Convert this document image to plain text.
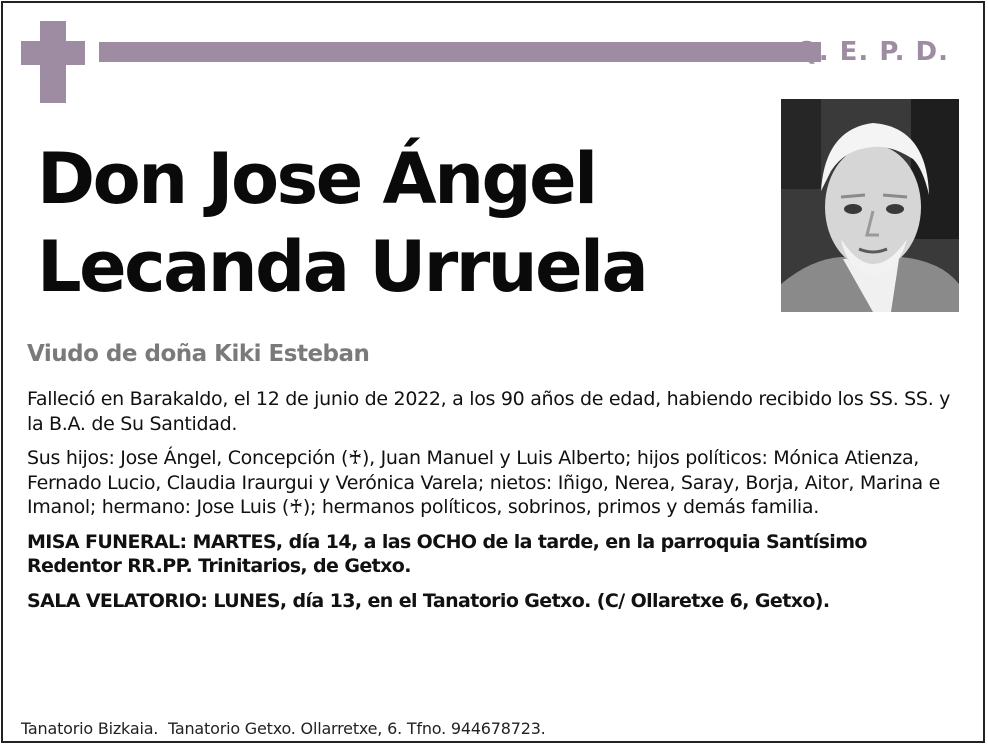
Q. E. P. D.
Don Jose Ángel
Lecanda Urruela
Viudo de doña Kiki Esteban

Falleció en Barakaldo, el 12 de junio de 2022, a los 90 años de edad, habiendo recibido los SS. SS. y la B.A. de Su Santidad.

Sus hijos: Jose Ángel, Concepción (♰), Juan Manuel y Luis Alberto; hijos políticos: Mónica Atienza, Fernado Lucio, Claudia Iraurgui y Verónica Varela; nietos: Iñigo, Nerea, Saray, Borja, Aitor, Marina e Imanol; hermano: Jose Luis (♰); hermanos políticos, sobrinos, primos y demás familia.

MISA FUNERAL: MARTES, día 14, a las OCHO de la tarde, en la parroquia Santísimo Redentor RR.PP. Trinitarios, de Getxo.

SALA VELATORIO: LUNES, día 13, en el Tanatorio Getxo. (C/ Ollaretxe 6, Getxo).

Tanatorio Bizkaia.  Tanatorio Getxo. Ollarretxe, 6. Tfno. 944678723.
